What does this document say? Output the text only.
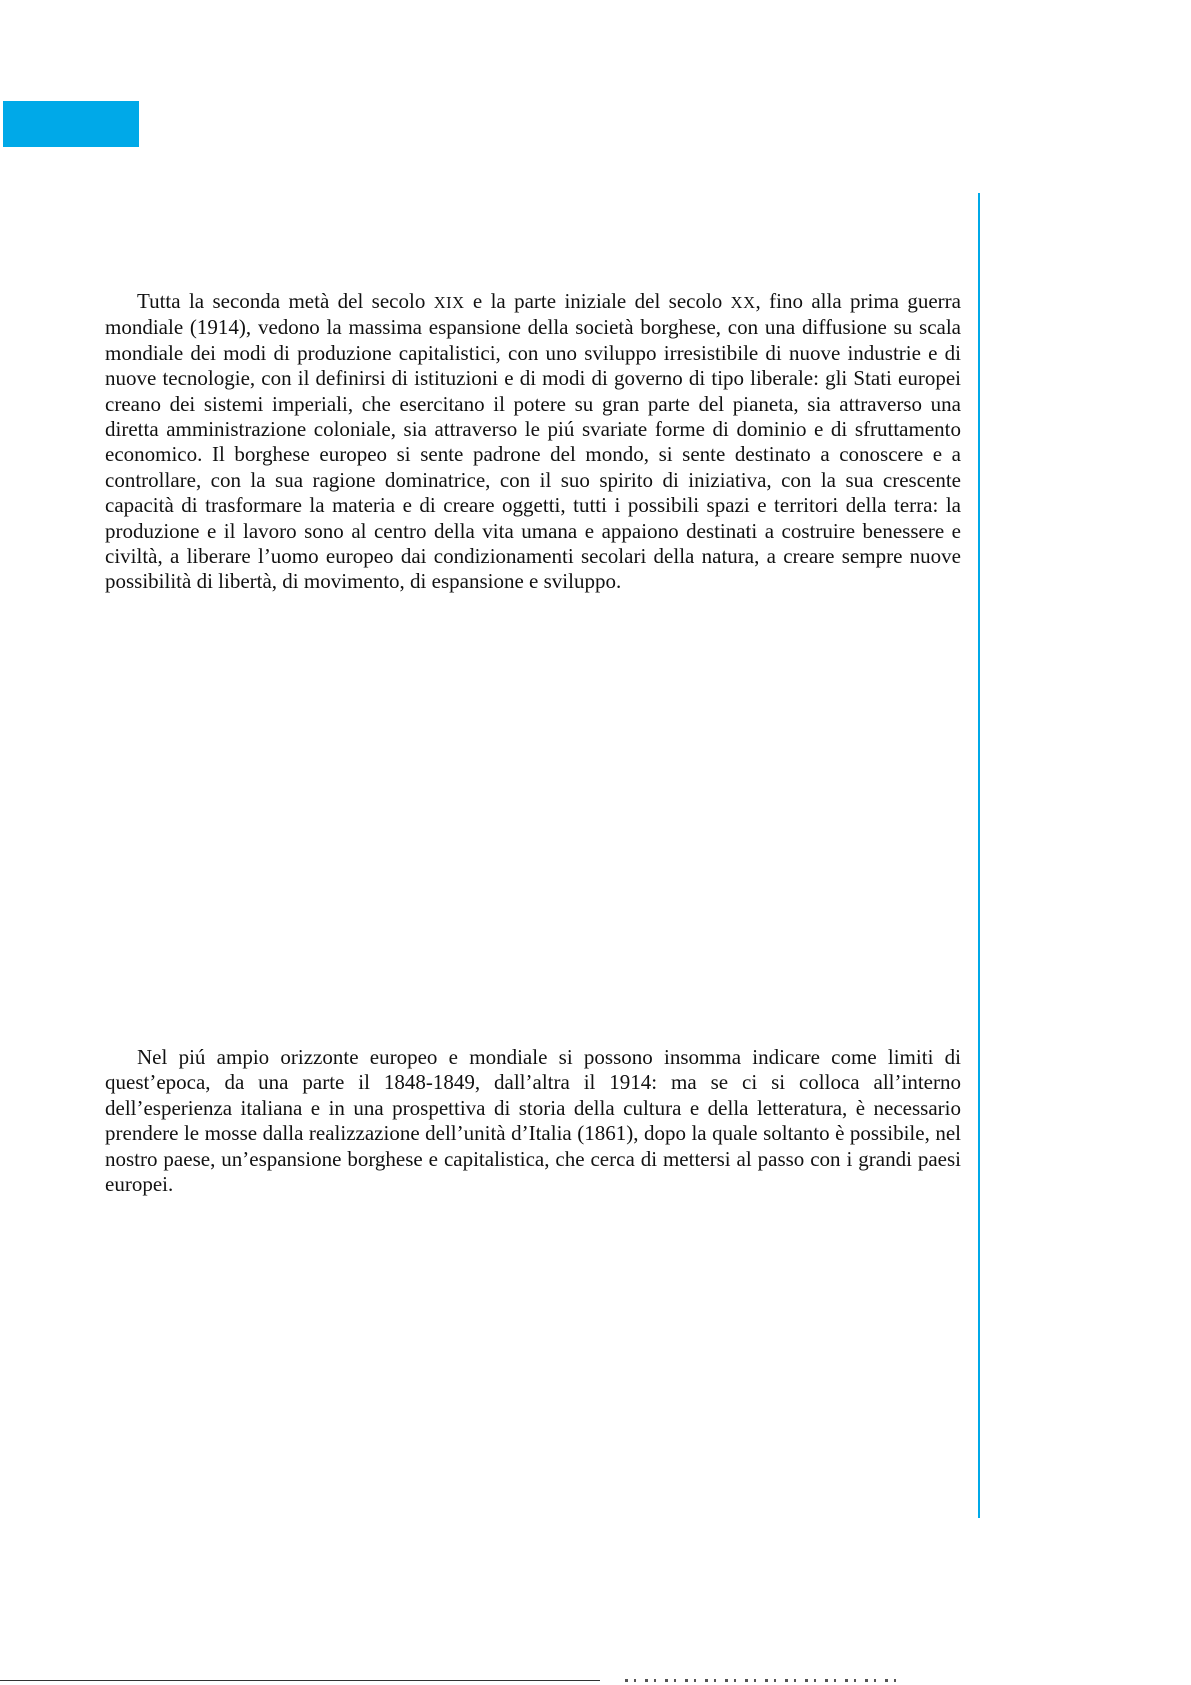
Tutta la seconda metà del secolo XIX e la parte iniziale del secolo XX, fino alla prima guerra mondiale (1914), vedono la massima espansione della società borghese, con una diffusione su scala mondiale dei modi di produzione capitalistici, con uno sviluppo irresistibile di nuove industrie e di nuove tecnologie, con il definirsi di istituzioni e di modi di governo di tipo liberale: gli Stati europei creano dei sistemi imperiali, che esercitano il potere su gran parte del pianeta, sia attraverso una diretta amministrazione coloniale, sia attraverso le piú svariate forme di dominio e di sfruttamento economico. Il borghese europeo si sente padrone del mondo, si sente destinato a conoscere e a controllare, con la sua ragione dominatrice, con il suo spirito di iniziativa, con la sua crescente capacità di trasformare la materia e di creare oggetti, tutti i possibili spazi e territori della terra: la produzione e il lavoro sono al centro della vita umana e appaiono destinati a costruire benessere e civiltà, a liberare l’uomo europeo dai condizionamenti secolari della natura, a creare sempre nuove possibilità di libertà, di movimento, di espansione e sviluppo.

Nel piú ampio orizzonte europeo e mondiale si possono insomma indicare come limiti di quest’epoca, da una parte il 1848-1849, dall’altra il 1914: ma se ci si colloca all’interno dell’esperienza italiana e in una prospettiva di storia della cultura e della letteratura, è necessario prendere le mosse dalla realizzazione dell’unità d’Italia (1861), dopo la quale soltanto è possibile, nel nostro paese, un’espansione borghese e capitalistica, che cerca di mettersi al passo con i grandi paesi europei.
